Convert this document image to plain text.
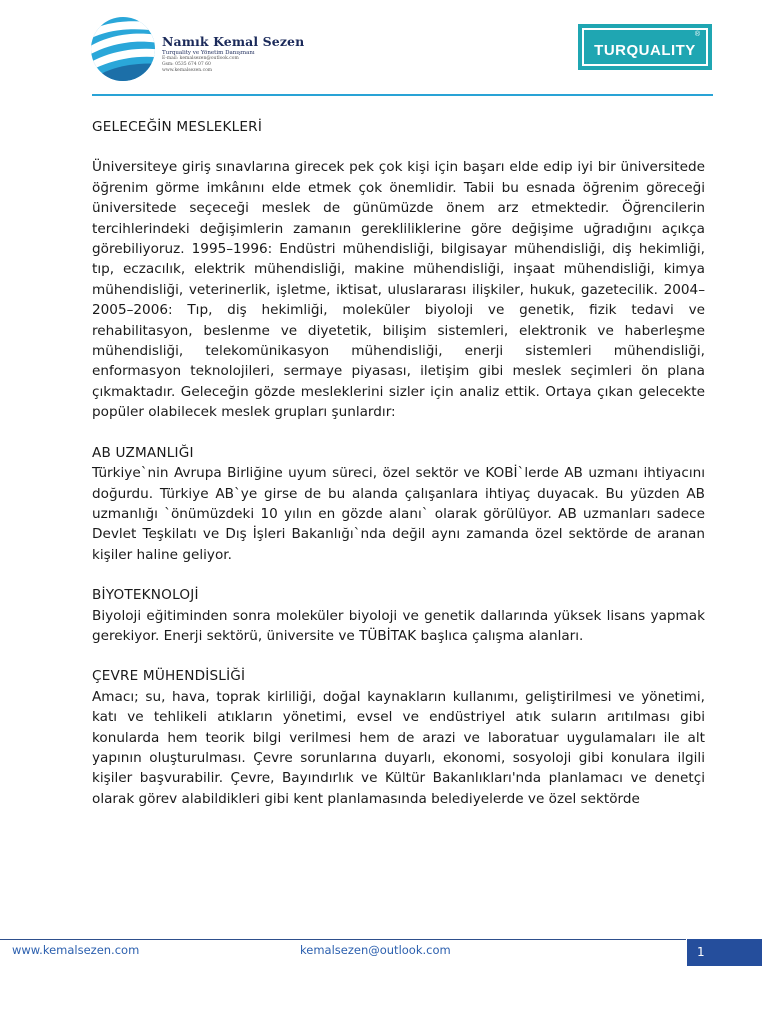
Namık Kemal Sezen
Turquality ve Yönetim Danışmanı
E-mail: kemalsezen@outlook.com
Gsm: 0535 674 07 60
www.kemalsezen.com
®
TURQUALITY
GELECEĞİN MESLEKLERİ

Üniversiteye giriş sınavlarına girecek pek çok kişi için başarı elde edip iyi bir üniversitede öğrenim görme imkânını elde etmek çok önemlidir. Tabii bu esnada öğrenim göreceği üniversitede seçeceği meslek de günümüzde önem arz etmektedir. Öğrencilerin tercihlerindeki değişimlerin zamanın gerekliliklerine göre değişime uğradığını açıkça görebiliyoruz. 1995–1996: Endüstri mühendisliği, bilgisayar mühendisliği, diş hekimliği, tıp, eczacılık, elektrik mühendisliği, makine mühendisliği, inşaat mühendisliği, kimya mühendisliği, veterinerlik, işletme, iktisat, uluslararası ilişkiler, hukuk, gazetecilik. 2004–2005–2006: Tıp, diş hekimliği, moleküler biyoloji ve genetik, fizik tedavi ve rehabilitasyon, beslenme ve diyetetik, bilişim sistemleri, elektronik ve haberleşme mühendisliği, telekomünikasyon mühendisliği, enerji sistemleri mühendisliği, enformasyon teknolojileri, sermaye piyasası, iletişim gibi meslek seçimleri ön plana çıkmaktadır. Geleceğin gözde mesleklerini sizler için analiz ettik. Ortaya çıkan gelecekte popüler olabilecek meslek grupları şunlardır:

AB UZMANLIĞI

Türkiye`nin Avrupa Birliğine uyum süreci, özel sektör ve KOBİ`lerde AB uzmanı ihtiyacını doğurdu. Türkiye AB`ye girse de bu alanda çalışanlara ihtiyaç duyacak. Bu yüzden AB uzmanlığı `önümüzdeki 10 yılın en gözde alanı` olarak görülüyor. AB uzmanları sadece Devlet Teşkilatı ve Dış İşleri Bakanlığı`nda değil aynı zamanda özel sektörde de aranan kişiler haline geliyor.

BİYOTEKNOLOJİ

Biyoloji eğitiminden sonra moleküler biyoloji ve genetik dallarında yüksek lisans yapmak gerekiyor. Enerji sektörü, üniversite ve TÜBİTAK başlıca çalışma alanları.

ÇEVRE MÜHENDİSLİĞİ

Amacı; su, hava, toprak kirliliği, doğal kaynakların kullanımı, geliştirilmesi ve yönetimi, katı ve tehlikeli atıkların yönetimi, evsel ve endüstriyel atık suların arıtılması gibi konularda hem teorik bilgi verilmesi hem de arazi ve laboratuar uygulamaları ile alt yapının oluşturulması. Çevre sorunlarına duyarlı, ekonomi, sosyoloji gibi konulara ilgili kişiler başvurabilir. Çevre, Bayındırlık ve Kültür Bakanlıkları'nda planlamacı ve denetçi olarak görev alabildikleri gibi kent planlamasında belediyelerde ve özel sektörde

www.kemalsezen.com	kemalsezen@outlook.com	1
